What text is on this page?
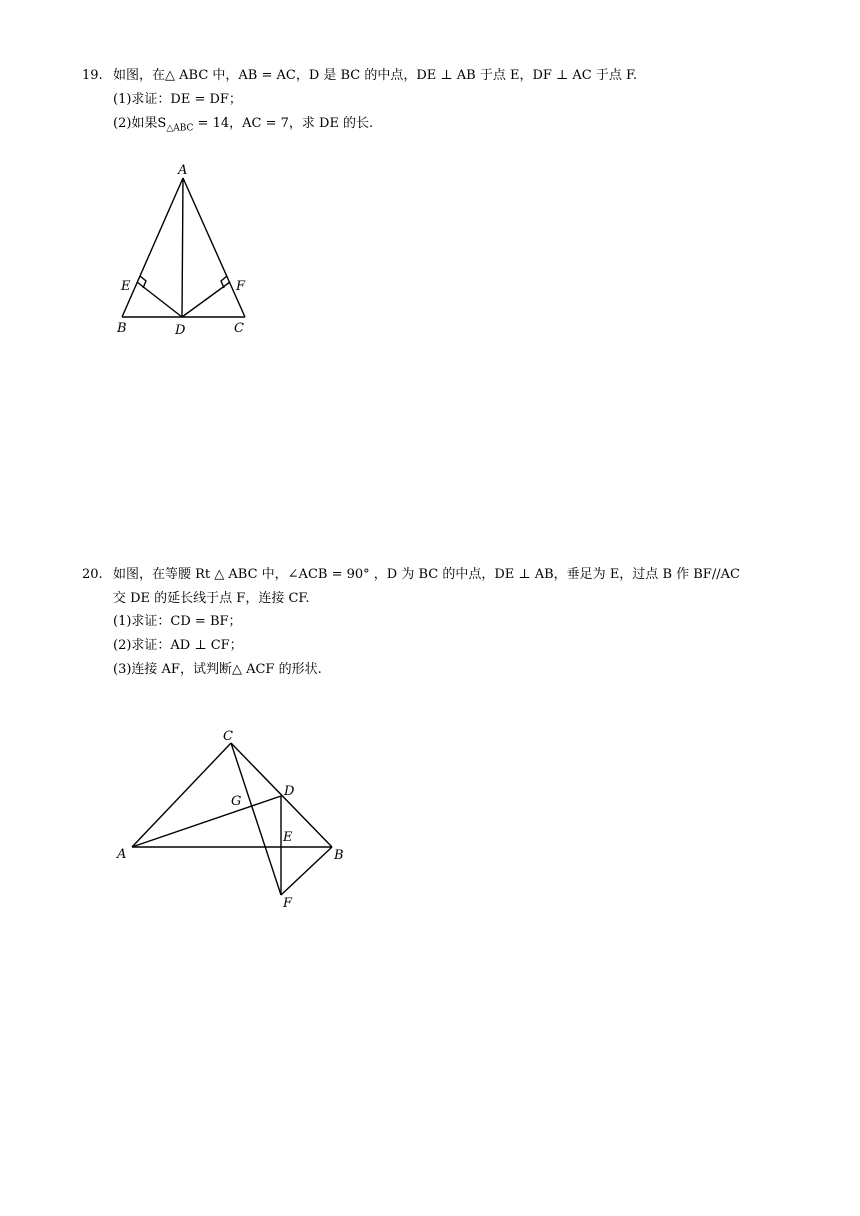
19. 如图，在△ ABC 中，AB = AC，D 是 BC 的中点，DE ⊥ AB 于点 E，DF ⊥ AC 于点 F.
(1)求证：DE = DF；
(2)如果$S_{\triangle ABC} = 14$，AC = 7，求 DE 的长.
A
E	F
B	D	C
20. 如图，在等腰 Rt △ ABC 中，∠ACB = 90° ，D 为 BC 的中点，DE ⊥ AB，垂足为 E，过点 B 作 BF//AC
交 DE 的延长线于点 F，连接 CF.
(1)求证：CD = BF；
(2)求证：AD ⊥ CF；
(3)连接 AF，试判断△ ACF 的形状.
C
D
G
E
A	B
F
